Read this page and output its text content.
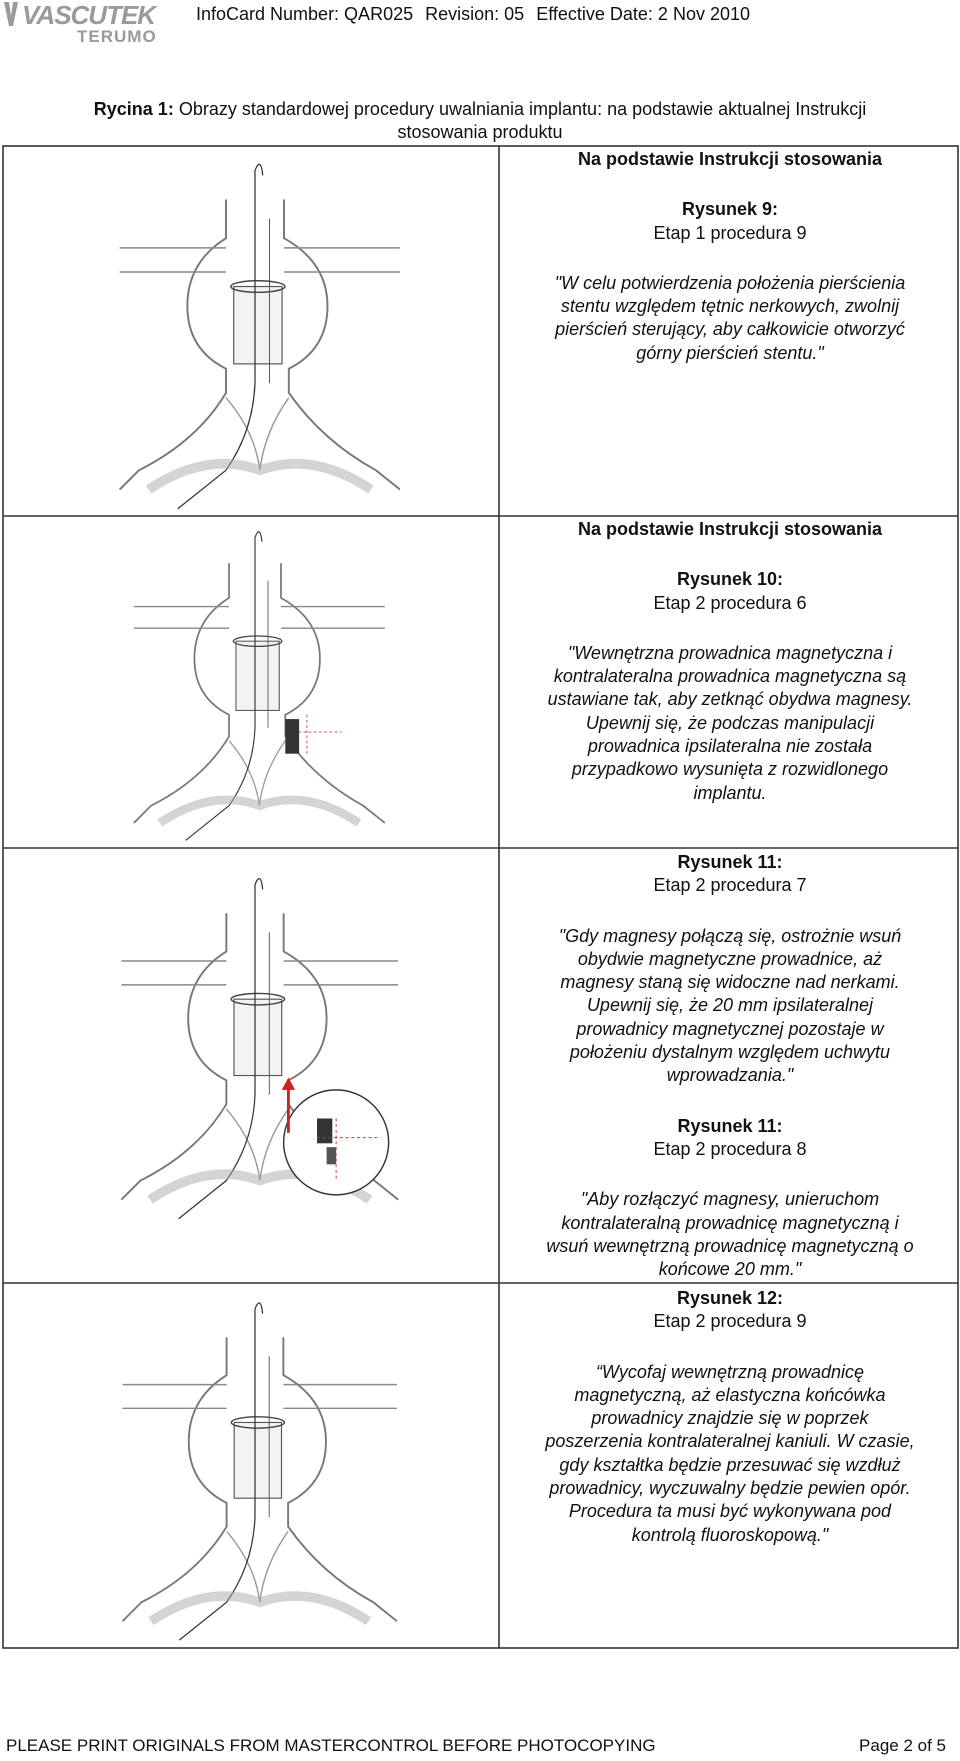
VASCUTEK
TERUMO
InfoCard Number: QAR025 Revision: 05 Effective Date: 2 Nov 2010
Rycina 1: Obrazy standardowej procedury uwalniania implantu: na podstawie aktualnej Instrukcji
stosowania produktu

Na podstawie Instrukcji stosowania

Rysunek 9:

Etap 1 procedura 9

"W celu potwierdzenia położenia pierścienia

stentu względem tętnic nerkowych, zwolnij

pierścień sterujący, aby całkowicie otworzyć

górny pierścień stentu."

Na podstawie Instrukcji stosowania

Rysunek 10:

Etap 2 procedura 6

"Wewnętrzna prowadnica magnetyczna i

kontralateralna prowadnica magnetyczna są

ustawiane tak, aby zetknąć obydwa magnesy.

Upewnij się, że podczas manipulacji

prowadnica ipsilateralna nie została

przypadkowo wysunięta z rozwidlonego

implantu.

Rysunek 11:

Etap 2 procedura 7

"Gdy magnesy połączą się, ostrożnie wsuń

obydwie magnetyczne prowadnice, aż

magnesy staną się widoczne nad nerkami.

Upewnij się, że 20 mm ipsilateralnej

prowadnicy magnetycznej pozostaje w

położeniu dystalnym względem uchwytu

wprowadzania."

Rysunek 11:

Etap 2 procedura 8

"Aby rozłączyć magnesy, unieruchom

kontralateralną prowadnicę magnetyczną i

wsuń wewnętrzną prowadnicę magnetyczną o

końcowe 20 mm."

Rysunek 12:

Etap 2 procedura 9

“Wycofaj wewnętrzną prowadnicę

magnetyczną, aż elastyczna końcówka

prowadnicy znajdzie się w poprzek

poszerzenia kontralateralnej kaniuli. W czasie,

gdy kształtka będzie przesuwać się wzdłuż

prowadnicy, wyczuwalny będzie pewien opór.

Procedura ta musi być wykonywana pod

kontrolą fluoroskopową."

PLEASE PRINT ORIGINALS FROM MASTERCONTROL BEFORE PHOTOCOPYING	Page 2 of 5
